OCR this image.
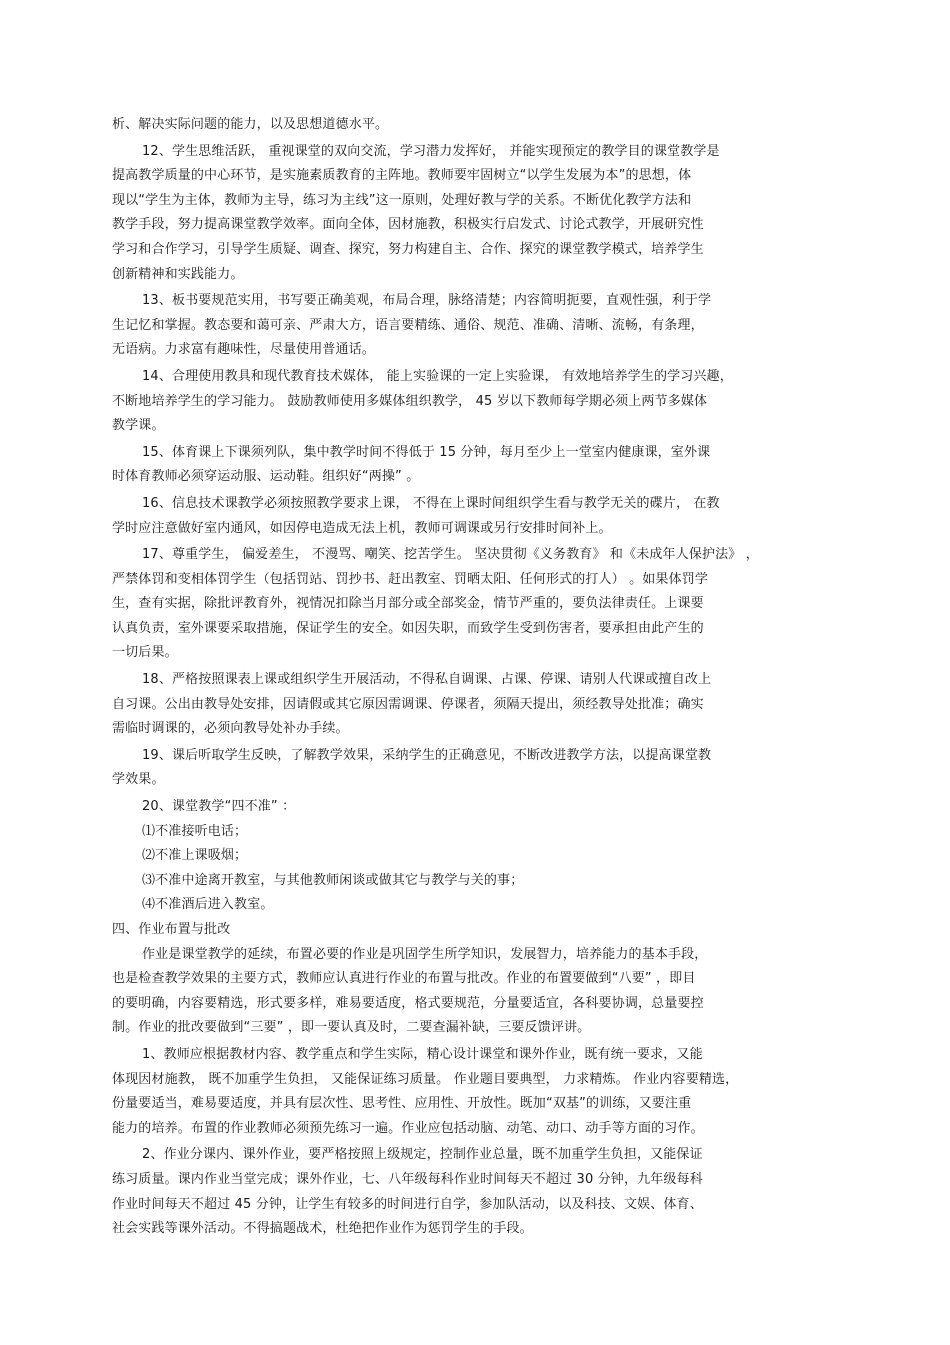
析、解决实际问题的能力，以及思想道德水平。
12、学生思维活跃， 重视课堂的双向交流，学习潜力发挥好， 并能实现预定的教学目的课堂教学是
提高教学质量的中心环节，是实施素质教育的主阵地。教师要牢固树立“以学生发展为本”的思想，体
现以“学生为主体，教师为主导，练习为主线”这一原则，处理好教与学的关系。不断优化教学方法和
教学手段，努力提高课堂教学效率。面向全体，因材施教，积极实行启发式、讨论式教学，开展研究性
学习和合作学习，引导学生质疑、调查、探究，努力构建自主、合作、探究的课堂教学模式，培养学生
创新精神和实践能力。
13、板书要规范实用，书写要正确美观，布局合理，脉络清楚；内容简明扼要，直观性强，利于学
生记忆和掌握。教态要和蔼可亲、严肃大方，语言要精练、通俗、规范、准确、清晰、流畅，有条理，
无语病。力求富有趣味性，尽量使用普通话。
14、合理使用教具和现代教育技术媒体， 能上实验课的一定上实验课， 有效地培养学生的学习兴趣，
不断地培养学生的学习能力。 鼓励教师使用多媒体组织教学， 45 岁以下教师每学期必须上两节多媒体
教学课。
15、体育课上下课须列队，集中教学时间不得低于 15 分钟，每月至少上一堂室内健康课，室外课
时体育教师必须穿运动服、运动鞋。组织好“两操” 。
16、信息技术课教学必须按照教学要求上课， 不得在上课时间组织学生看与教学无关的碟片， 在教
学时应注意做好室内通风，如因停电造成无法上机，教师可调课或另行安排时间补上。
17、尊重学生， 偏爱差生， 不漫骂、嘲笑、挖苦学生。 坚决贯彻《义务教育》 和《未成年人保护法》 ，
严禁体罚和变相体罚学生（包括罚站、罚抄书、赶出教室、罚晒太阳、任何形式的打人） 。如果体罚学
生，查有实据，除批评教育外，视情况扣除当月部分或全部奖金，情节严重的，要负法律责任。上课要
认真负责，室外课要采取措施，保证学生的安全。如因失职，而致学生受到伤害者，要承担由此产生的
一切后果。
18、严格按照课表上课或组织学生开展活动，不得私自调课、占课、停课、请别人代课或擅自改上
自习课。公出由教导处安排，因请假或其它原因需调课、停课者，须隔天提出，须经教导处批准；确实
需临时调课的，必须向教导处补办手续。
19、课后听取学生反映，了解教学效果，采纳学生的正确意见，不断改进教学方法，以提高课堂教
学效果。
20、课堂教学“四不准” ：
⑴不准接听电话；
⑵不准上课吸烟；
⑶不准中途离开教室，与其他教师闲谈或做其它与教学与关的事；
⑷不准酒后进入教室。
四、作业布置与批改
作业是课堂教学的延续，布置必要的作业是巩固学生所学知识，发展智力，培养能力的基本手段，
也是检查教学效果的主要方式，教师应认真进行作业的布置与批改。作业的布置要做到“八要” ，即目
的要明确，内容要精选，形式要多样，难易要适度，格式要规范，分量要适宜，各科要协调，总量要控
制。作业的批改要做到“三要” ，即一要认真及时，二要查漏补缺，三要反馈评讲。
1、教师应根据教材内容、教学重点和学生实际，精心设计课堂和课外作业，既有统一要求，又能
体现因材施教， 既不加重学生负担， 又能保证练习质量。 作业题目要典型， 力求精炼。 作业内容要精选，
份量要适当，难易要适度，并具有层次性、思考性、应用性、开放性。既加“双基”的训练，又要注重
能力的培养。布置的作业教师必须预先练习一遍。作业应包括动脑、动笔、动口、动手等方面的习作。
2、作业分课内、课外作业，要严格按照上级规定，控制作业总量，既不加重学生负担，又能保证
练习质量。课内作业当堂完成；课外作业，七、八年级每科作业时间每天不超过 30 分钟，九年级每科
作业时间每天不超过 45 分钟，让学生有较多的时间进行自学，参加队活动，以及科技、文娱、体育、
社会实践等课外活动。不得搞题战术，杜绝把作业作为惩罚学生的手段。
